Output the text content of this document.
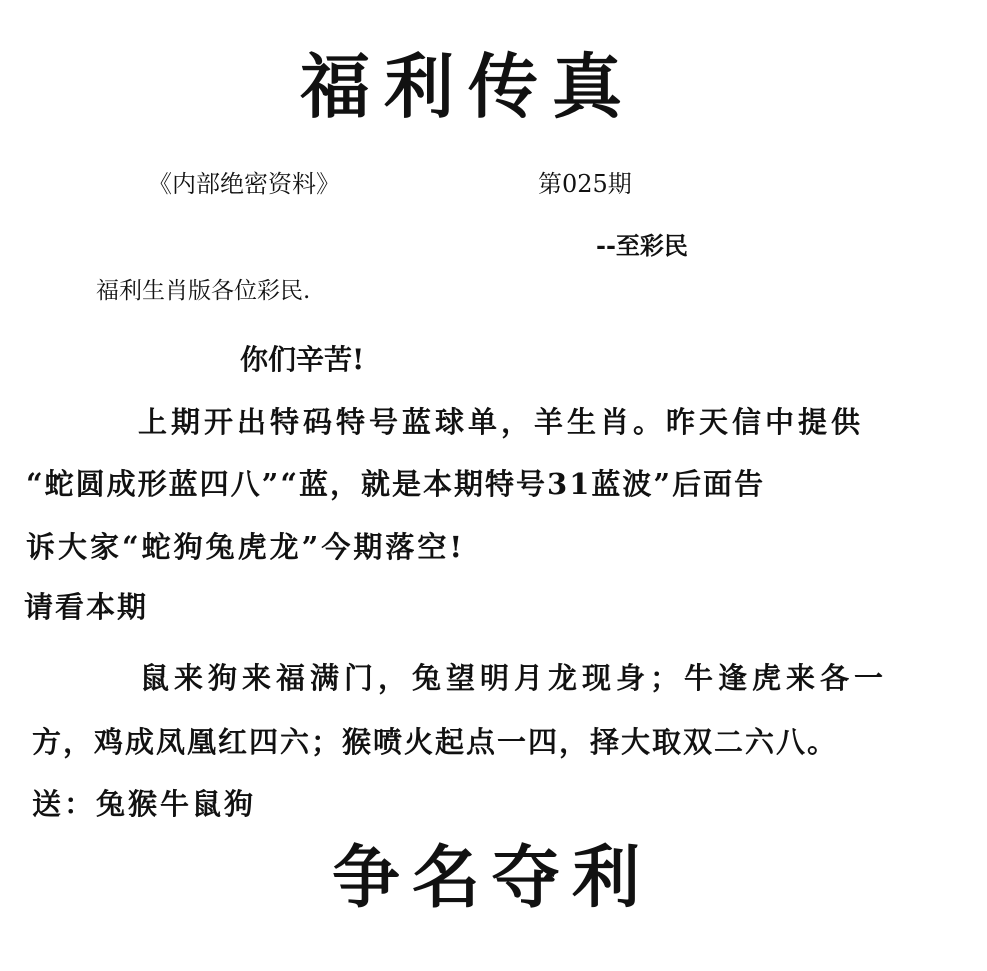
福利传真
《内部绝密资料》	第025期
--至彩民
福利生肖版各位彩民.
你们辛苦!
上期开出特码特号蓝球单，羊生肖。昨天信中提供
“蛇圆成形蓝四八”“蓝，就是本期特号31蓝波”后面告
诉大家“蛇狗兔虎龙”今期落空!
请看本期
鼠来狗来福满门，兔望明月龙现身；牛逢虎来各一
方，鸡成凤凰红四六；猴喷火起点一四，择大取双二六八。
送：兔猴牛鼠狗
争名夺利
